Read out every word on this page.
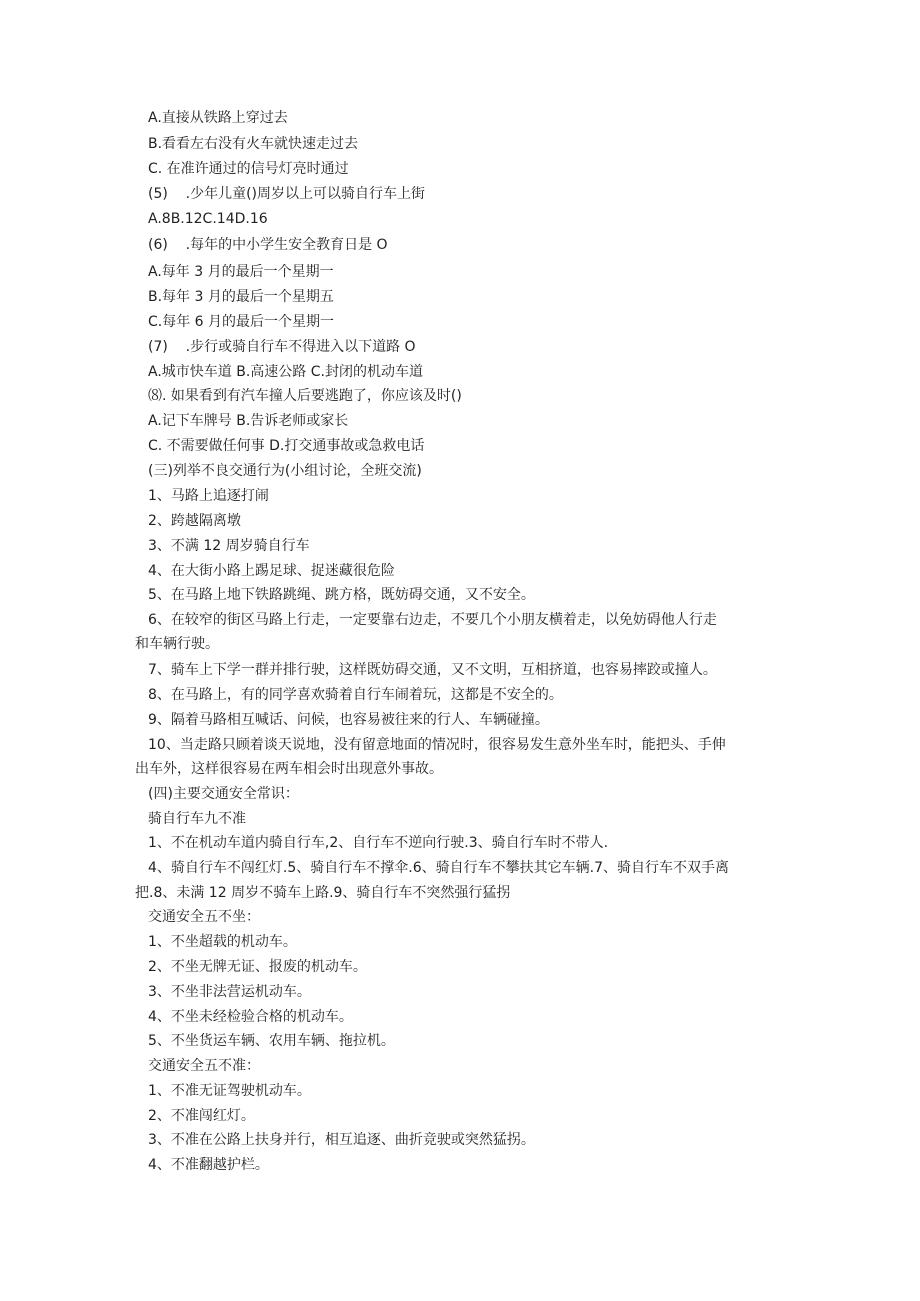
A.直接从铁路上穿过去
B.看看左右没有火车就快速走过去
C. 在准许通过的信号灯亮时通过
(5)    .少年儿童()周岁以上可以骑自行车上街
A.8B.12C.14D.16
(6)    .每年的中小学生安全教育日是 O
A.每年 3 月的最后一个星期一
B.每年 3 月的最后一个星期五
C.每年 6 月的最后一个星期一
(7)    .步行或骑自行车不得进入以下道路 O
A.城市快车道 B.高速公路 C.封闭的机动车道
⑻. 如果看到有汽车撞人后要逃跑了，你应该及时()
A.记下车牌号 B.告诉老师或家长
C. 不需要做任何事 D.打交通事故或急救电话
(三)列举不良交通行为(小组讨论，全班交流)
1、马路上追逐打闹
2、跨越隔离墩
3、不满 12 周岁骑自行车
4、在大街小路上踢足球、捉迷藏很危险
5、在马路上地下铁路跳绳、跳方格，既妨碍交通，又不安全。
6、在较窄的街区马路上行走，一定要靠右边走，不要几个小朋友横着走，以免妨碍他人行走
和车辆行驶。
7、骑车上下学一群并排行驶，这样既妨碍交通，又不文明，互相挤道，也容易摔跤或撞人。
8、在马路上，有的同学喜欢骑着自行车闹着玩，这都是不安全的。
9、隔着马路相互喊话、问候，也容易被往来的行人、车辆碰撞。
10、当走路只顾着谈天说地，没有留意地面的情况时，很容易发生意外坐车时，能把头、手伸
出车外，这样很容易在两车相会时出现意外事故。
(四)主要交通安全常识：
骑自行车九不准
1、不在机动车道内骑自行车,2、自行车不逆向行驶.3、骑自行车时不带人.
4、骑自行车不闯红灯.5、骑自行车不撑伞.6、骑自行车不攀扶其它车辆.7、骑自行车不双手离
把.8、未满 12 周岁不骑车上路.9、骑自行车不突然强行猛拐
交通安全五不坐：
1、不坐超载的机动车。
2、不坐无牌无证、报废的机动车。
3、不坐非法营运机动车。
4、不坐未经检验合格的机动车。
5、不坐货运车辆、农用车辆、拖拉机。
交通安全五不准：
1、不准无证驾驶机动车。
2、不准闯红灯。
3、不准在公路上扶身并行，相互追逐、曲折竞驶或突然猛拐。
4、不准翻越护栏。
